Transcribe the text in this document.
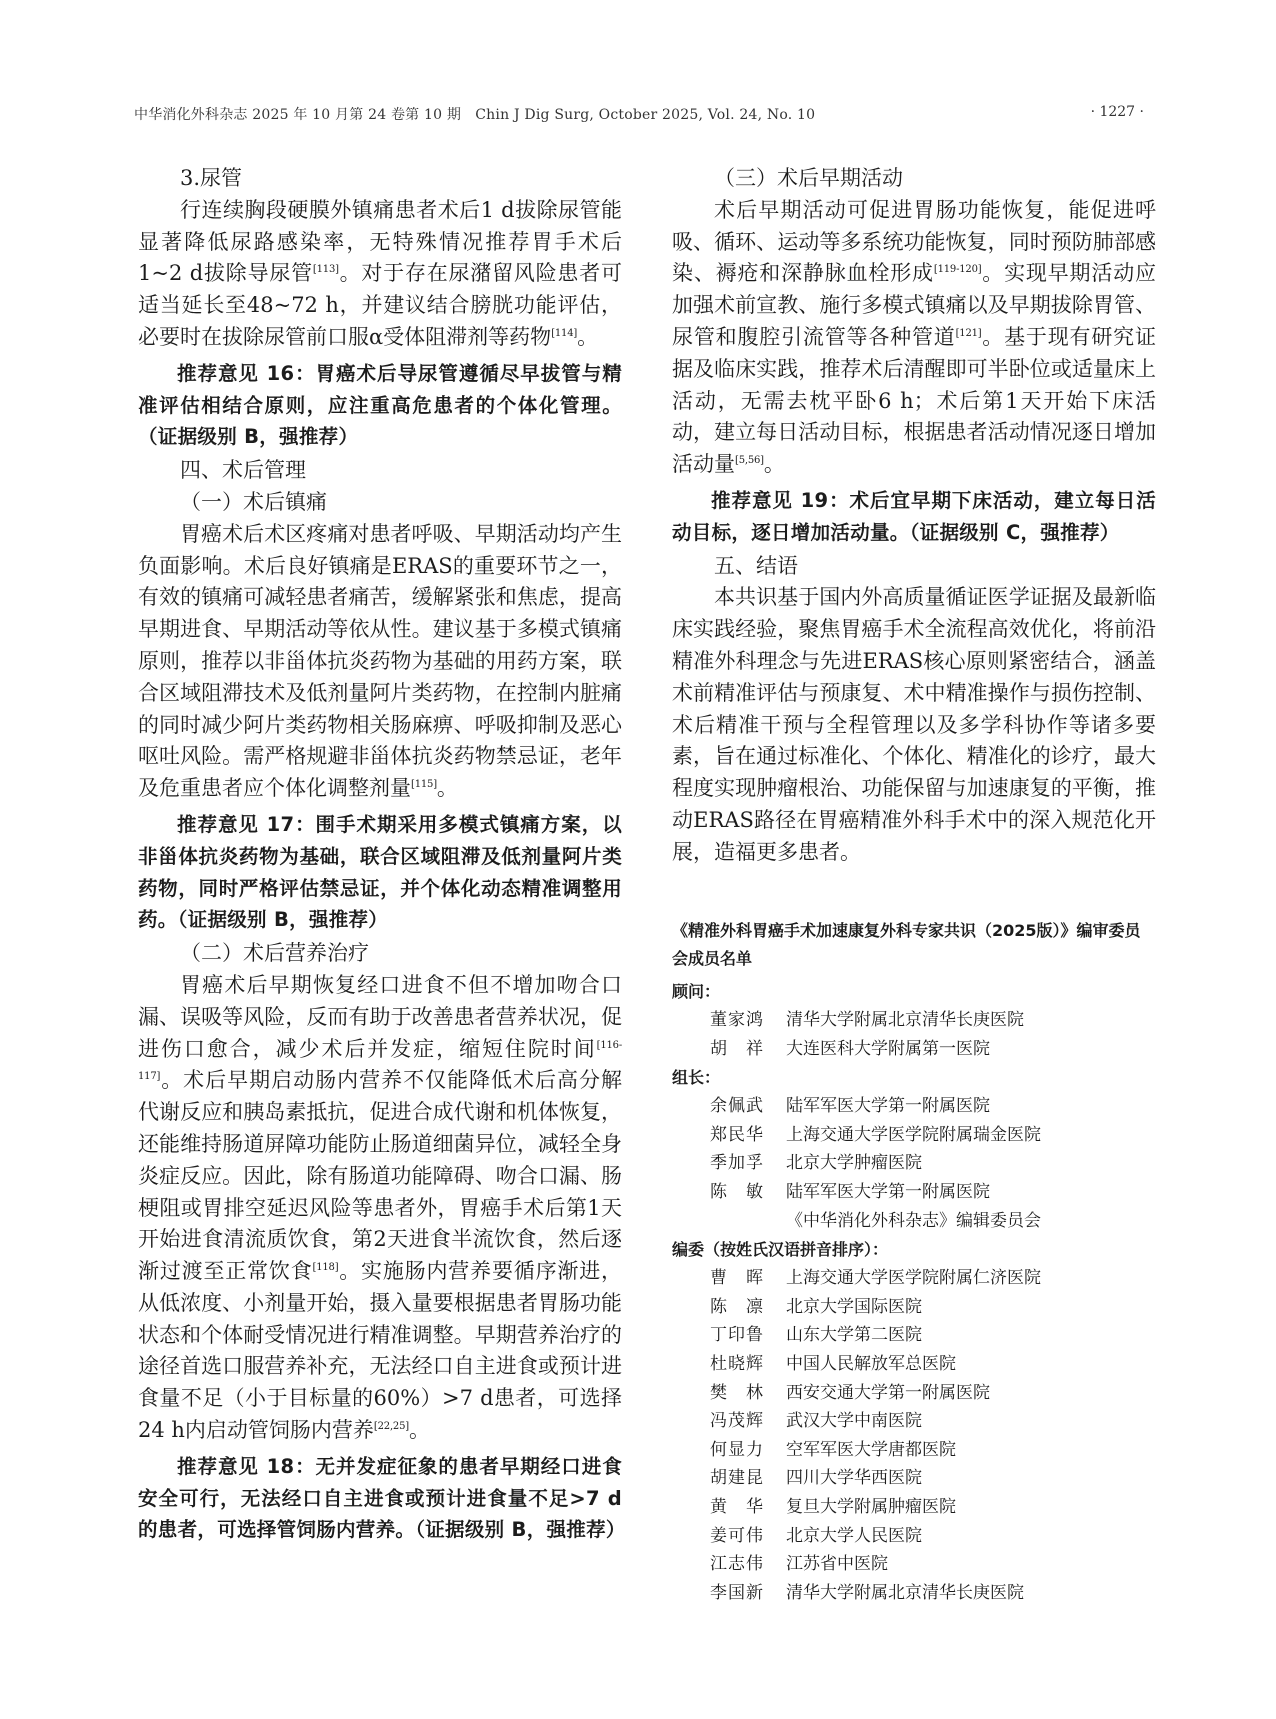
中华消化外科杂志 2025 年 10 月第 24 卷第 10 期　Chin J Dig Surg, October 2025, Vol. 24, No. 10	· 1227 ·

3.尿管

行连续胸段硬膜外镇痛患者术后1 d拔除尿管能显著降低尿路感染率，无特殊情况推荐胃手术后1~2 d拔除导尿管[113]。对于存在尿潴留风险患者可适当延长至48~72 h，并建议结合膀胱功能评估，必要时在拔除尿管前口服α受体阻滞剂等药物[114]。

推荐意见 16：胃癌术后导尿管遵循尽早拔管与精准评估相结合原则，应注重高危患者的个体化管理。（证据级别 B，强推荐）

四、术后管理

（一）术后镇痛

胃癌术后术区疼痛对患者呼吸、早期活动均产生负面影响。术后良好镇痛是ERAS的重要环节之一，有效的镇痛可减轻患者痛苦，缓解紧张和焦虑，提高早期进食、早期活动等依从性。建议基于多模式镇痛原则，推荐以非甾体抗炎药物为基础的用药方案，联合区域阻滞技术及低剂量阿片类药物，在控制内脏痛的同时减少阿片类药物相关肠麻痹、呼吸抑制及恶心呕吐风险。需严格规避非甾体抗炎药物禁忌证，老年及危重患者应个体化调整剂量[115]。

推荐意见 17：围手术期采用多模式镇痛方案，以非甾体抗炎药物为基础，联合区域阻滞及低剂量阿片类药物，同时严格评估禁忌证，并个体化动态精准调整用药。（证据级别 B，强推荐）

（二）术后营养治疗

胃癌术后早期恢复经口进食不但不增加吻合口漏、误吸等风险，反而有助于改善患者营养状况，促进伤口愈合，减少术后并发症，缩短住院时间[116-117]。术后早期启动肠内营养不仅能降低术后高分解代谢反应和胰岛素抵抗，促进合成代谢和机体恢复，还能维持肠道屏障功能防止肠道细菌异位，减轻全身炎症反应。因此，除有肠道功能障碍、吻合口漏、肠梗阻或胃排空延迟风险等患者外，胃癌手术后第1天开始进食清流质饮食，第2天进食半流饮食，然后逐渐过渡至正常饮食[118]。实施肠内营养要循序渐进，从低浓度、小剂量开始，摄入量要根据患者胃肠功能状态和个体耐受情况进行精准调整。早期营养治疗的途径首选口服营养补充，无法经口自主进食或预计进食量不足（小于目标量的60%）>7 d患者，可选择24 h内启动管饲肠内营养[22,25]。

推荐意见 18：无并发症征象的患者早期经口进食安全可行，无法经口自主进食或预计进食量不足>7 d 的患者，可选择管饲肠内营养。（证据级别 B，强推荐）

（三）术后早期活动

术后早期活动可促进胃肠功能恢复，能促进呼吸、循环、运动等多系统功能恢复，同时预防肺部感染、褥疮和深静脉血栓形成[119-120]。实现早期活动应加强术前宣教、施行多模式镇痛以及早期拔除胃管、尿管和腹腔引流管等各种管道[121]。基于现有研究证据及临床实践，推荐术后清醒即可半卧位或适量床上活动，无需去枕平卧6 h；术后第1天开始下床活动，建立每日活动目标，根据患者活动情况逐日增加活动量[5,56]。

推荐意见 19：术后宜早期下床活动，建立每日活动目标，逐日增加活动量。（证据级别 C，强推荐）

五、结语

本共识基于国内外高质量循证医学证据及最新临床实践经验，聚焦胃癌手术全流程高效优化，将前沿精准外科理念与先进ERAS核心原则紧密结合，涵盖术前精准评估与预康复、术中精准操作与损伤控制、术后精准干预与全程管理以及多学科协作等诸多要素，旨在通过标准化、个体化、精准化的诊疗，最大程度实现肿瘤根治、功能保留与加速康复的平衡，推动ERAS路径在胃癌精准外科手术中的深入规范化开展，造福更多患者。

《精准外科胃癌手术加速康复外科专家共识（2025版）》编审委员会成员名单
顾问：
董家鸿	清华大学附属北京清华长庚医院
胡　祥	大连医科大学附属第一医院
组长：
余佩武	陆军军医大学第一附属医院
郑民华	上海交通大学医学院附属瑞金医院
季加孚	北京大学肿瘤医院
陈　敏	陆军军医大学第一附属医院
《中华消化外科杂志》编辑委员会
编委（按姓氏汉语拼音排序）：
曹　晖	上海交通大学医学院附属仁济医院
陈　凛	北京大学国际医院
丁印鲁	山东大学第二医院
杜晓辉	中国人民解放军总医院
樊　林	西安交通大学第一附属医院
冯茂辉	武汉大学中南医院
何显力	空军军医大学唐都医院
胡建昆	四川大学华西医院
黄　华	复旦大学附属肿瘤医院
姜可伟	北京大学人民医院
江志伟	江苏省中医院
李国新	清华大学附属北京清华长庚医院
